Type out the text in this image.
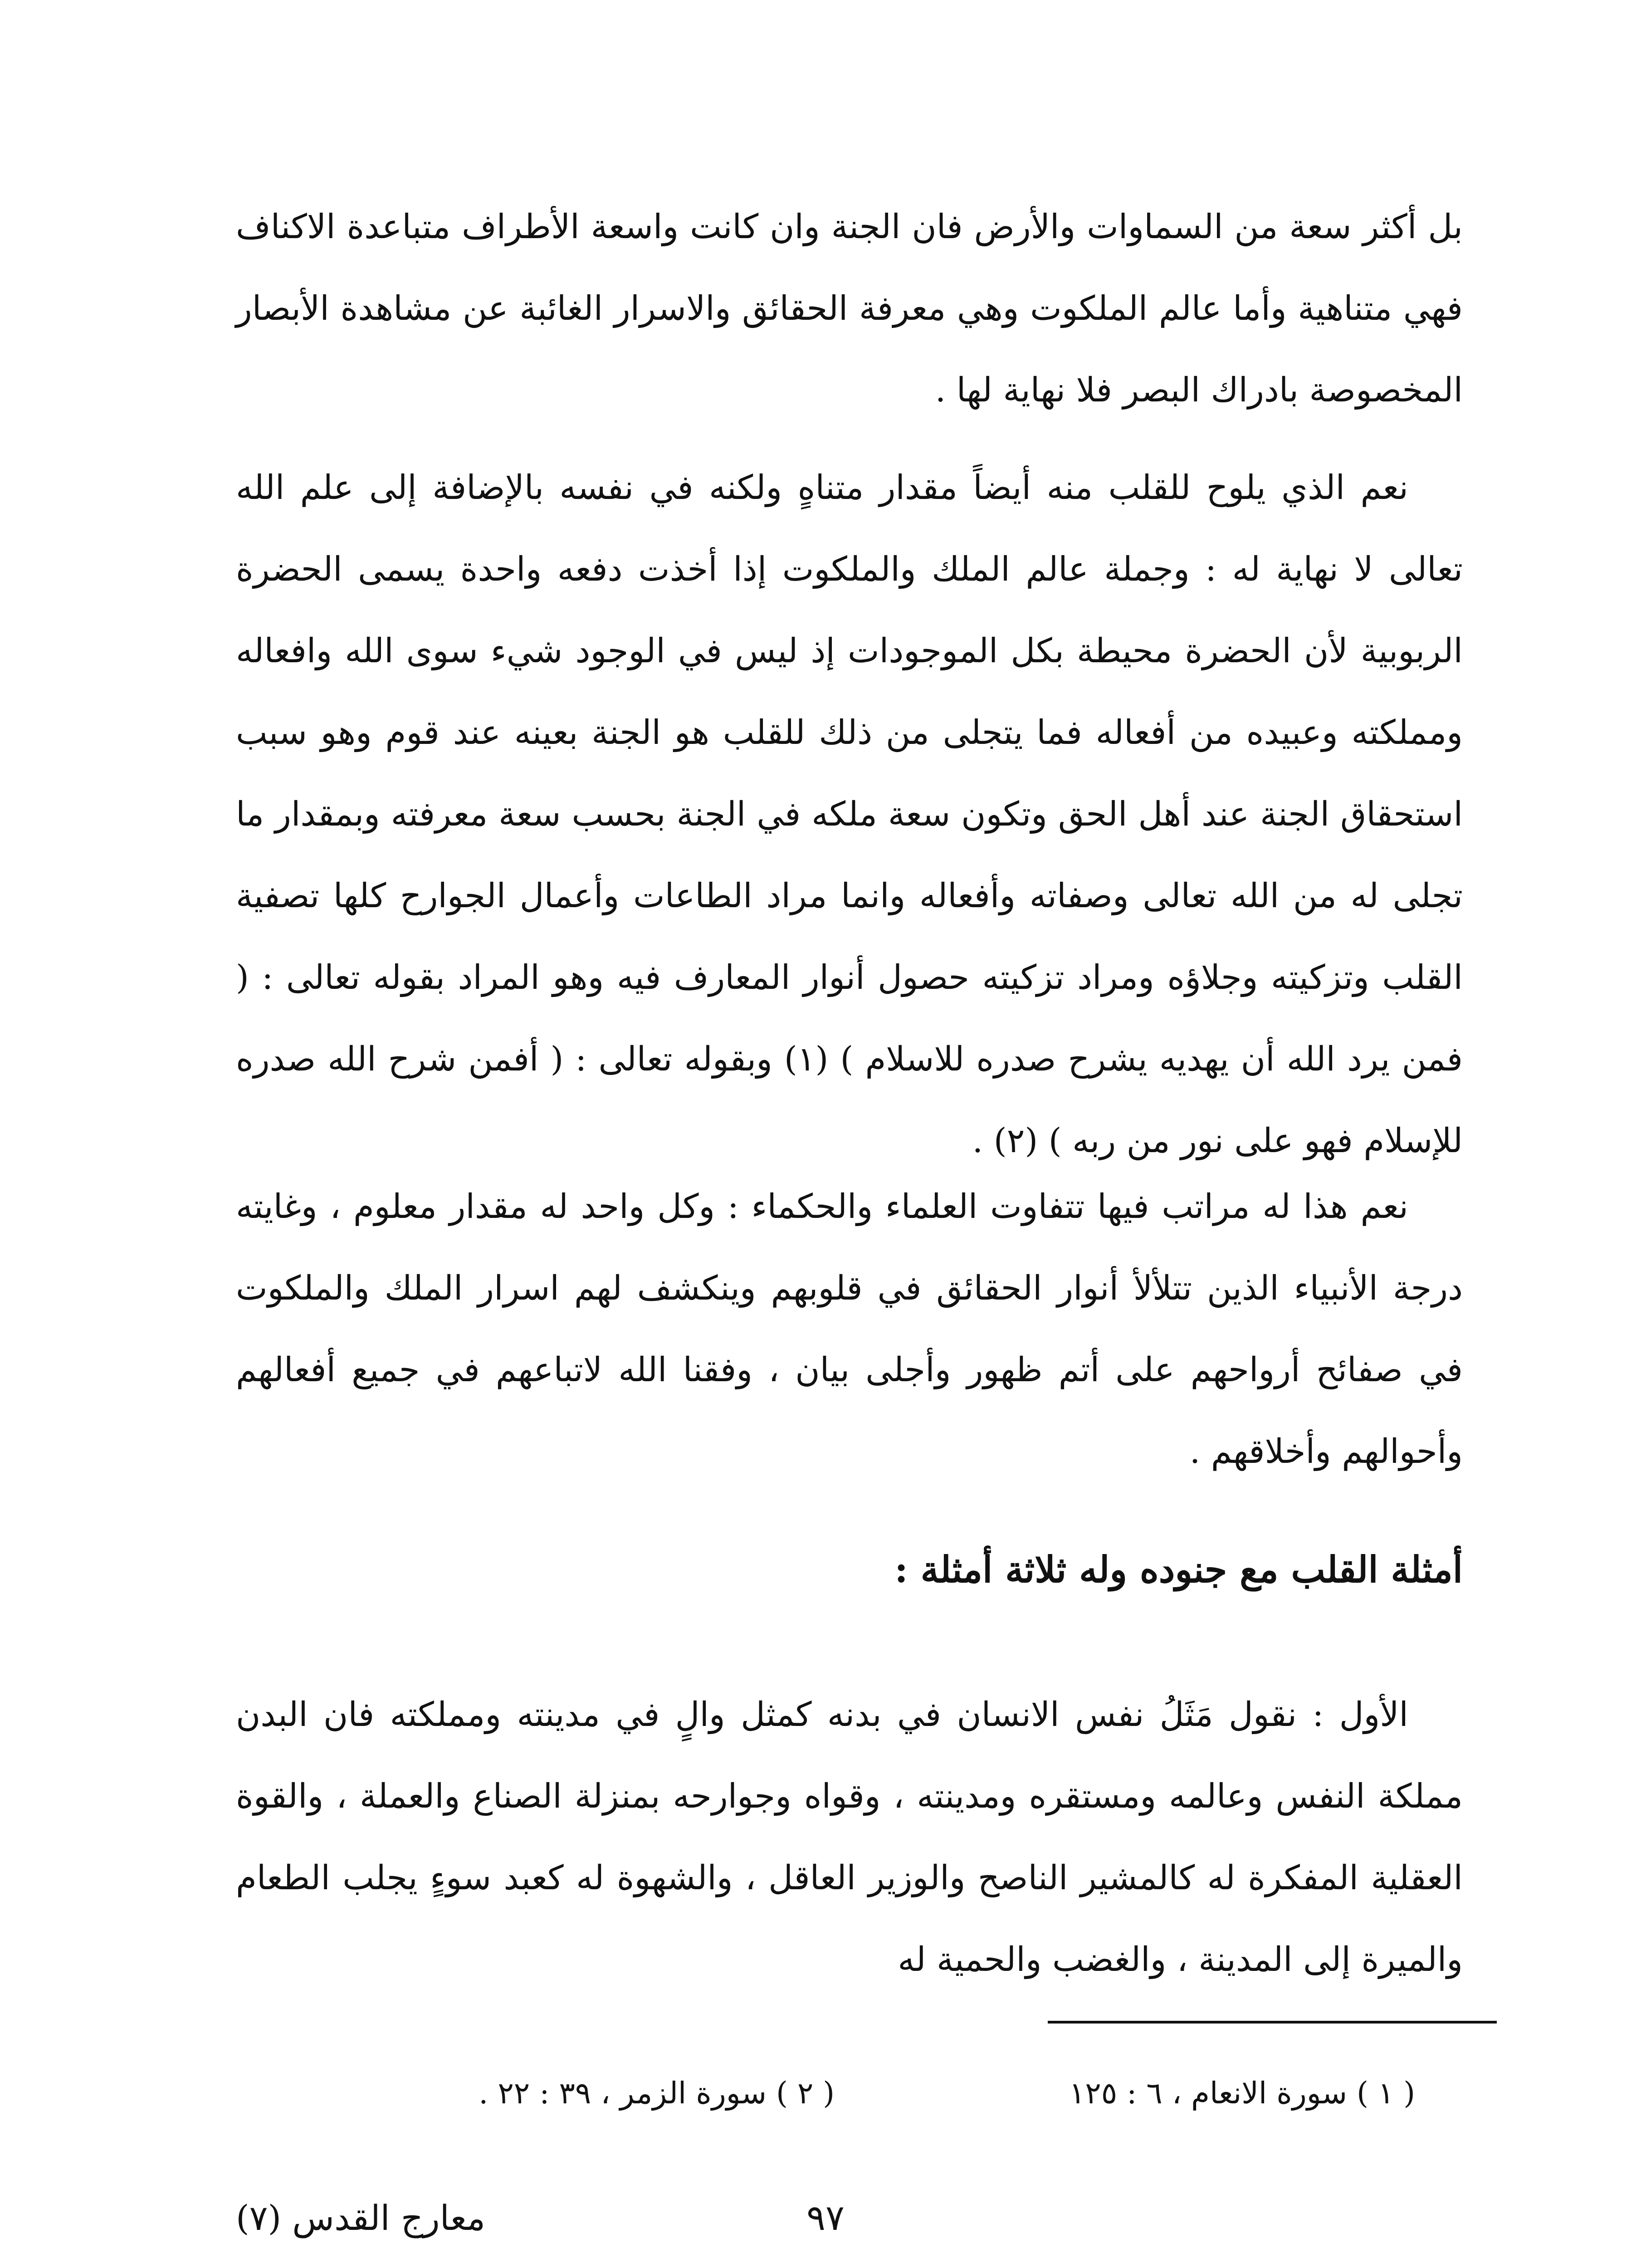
بل أكثر سعة من السماوات والأرض فان الجنة وان كانت واسعة الأطراف متباعدة الاكناف فهي متناهية وأما عالم الملكوت وهي معرفة الحقائق والاسرار الغائبة عن مشاهدة الأبصار المخصوصة بادراك البصر فلا نهاية لها .

نعم الذي يلوح للقلب منه أيضاً مقدار متناهٍ ولكنه في نفسه بالإضافة إلى علم الله تعالى لا نهاية له : وجملة عالم الملك والملكوت إذا أخذت دفعه واحدة يسمى الحضرة الربوبية لأن الحضرة محيطة بكل الموجودات إذ ليس في الوجود شيء سوى الله وافعاله ومملكته وعبيده من أفعاله فما يتجلى من ذلك للقلب هو الجنة بعينه عند قوم وهو سبب استحقاق الجنة عند أهل الحق وتكون سعة ملكه في الجنة بحسب سعة معرفته وبمقدار ما تجلى له من الله تعالى وصفاته وأفعاله وانما مراد الطاعات وأعمال الجوارح كلها تصفية القلب وتزكيته وجلاؤه ومراد تزكيته حصول أنوار المعارف فيه وهو المراد بقوله تعالى : ( فمن يرد الله أن يهديه يشرح صدره للاسلام ) (١) وبقوله تعالى : ( أفمن شرح الله صدره للإسلام فهو على نور من ربه ) (٢) .

نعم هذا له مراتب فيها تتفاوت العلماء والحكماء : وكل واحد له مقدار معلوم ، وغايته درجة الأنبياء الذين تتلألأ أنوار الحقائق في قلوبهم وينكشف لهم اسرار الملك والملكوت في صفائح أرواحهم على أتم ظهور وأجلى بيان ، وفقنا الله لاتباعهم في جميع أفعالهم وأحوالهم وأخلاقهم .

أمثلة القلب مع جنوده وله ثلاثة أمثلة :

الأول : نقول مَثَلُ نفس الانسان في بدنه كمثل والٍ في مدينته ومملكته فان البدن مملكة النفس وعالمه ومستقره ومدينته ، وقواه وجوارحه بمنزلة الصناع والعملة ، والقوة العقلية المفكرة له كالمشير الناصح والوزير العاقل ، والشهوة له كعبد سوءٍ يجلب الطعام والميرة إلى المدينة ، والغضب والحمية له

( ١ ) سورة الانعام ، ٦ : ١٢٥
( ٢ ) سورة الزمر ، ٣٩ : ٢٢ .
٩٧
معارج القدس (٧)
